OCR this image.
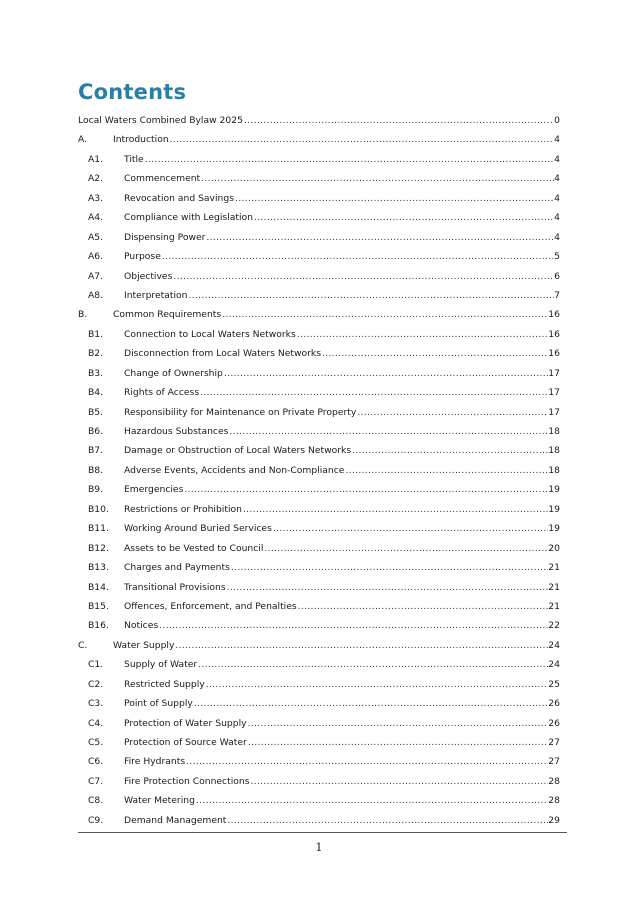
Contents
Local Waters Combined Bylaw 2025 .....	0
A.	Introduction .....	4
A1.	Title .....	4
A2.	Commencement .....	4
A3.	Revocation and Savings .....	4
A4.	Compliance with Legislation .....	4
A5.	Dispensing Power .....	4
A6.	Purpose .....	5
A7.	Objectives .....	6
A8.	Interpretation .....	7
B.	Common Requirements .....	16
B1.	Connection to Local Waters Networks .....	16
B2.	Disconnection from Local Waters Networks .....	16
B3.	Change of Ownership .....	17
B4.	Rights of Access .....	17
B5.	Responsibility for Maintenance on Private Property .....	17
B6.	Hazardous Substances .....	18
B7.	Damage or Obstruction of Local Waters Networks .....	18
B8.	Adverse Events, Accidents and Non-Compliance .....	18
B9.	Emergencies .....	19
B10.	Restrictions or Prohibition .....	19
B11.	Working Around Buried Services .....	19
B12.	Assets to be Vested to Council .....	20
B13.	Charges and Payments .....	21
B14.	Transitional Provisions .....	21
B15.	Offences, Enforcement, and Penalties .....	21
B16.	Notices .....	22
C.	Water Supply .....	24
C1.	Supply of Water .....	24
C2.	Restricted Supply .....	25
C3.	Point of Supply .....	26
C4.	Protection of Water Supply .....	26
C5.	Protection of Source Water .....	27
C6.	Fire Hydrants .....	27
C7.	Fire Protection Connections .....	28
C8.	Water Metering .....	28
C9.	Demand Management .....	29
1
